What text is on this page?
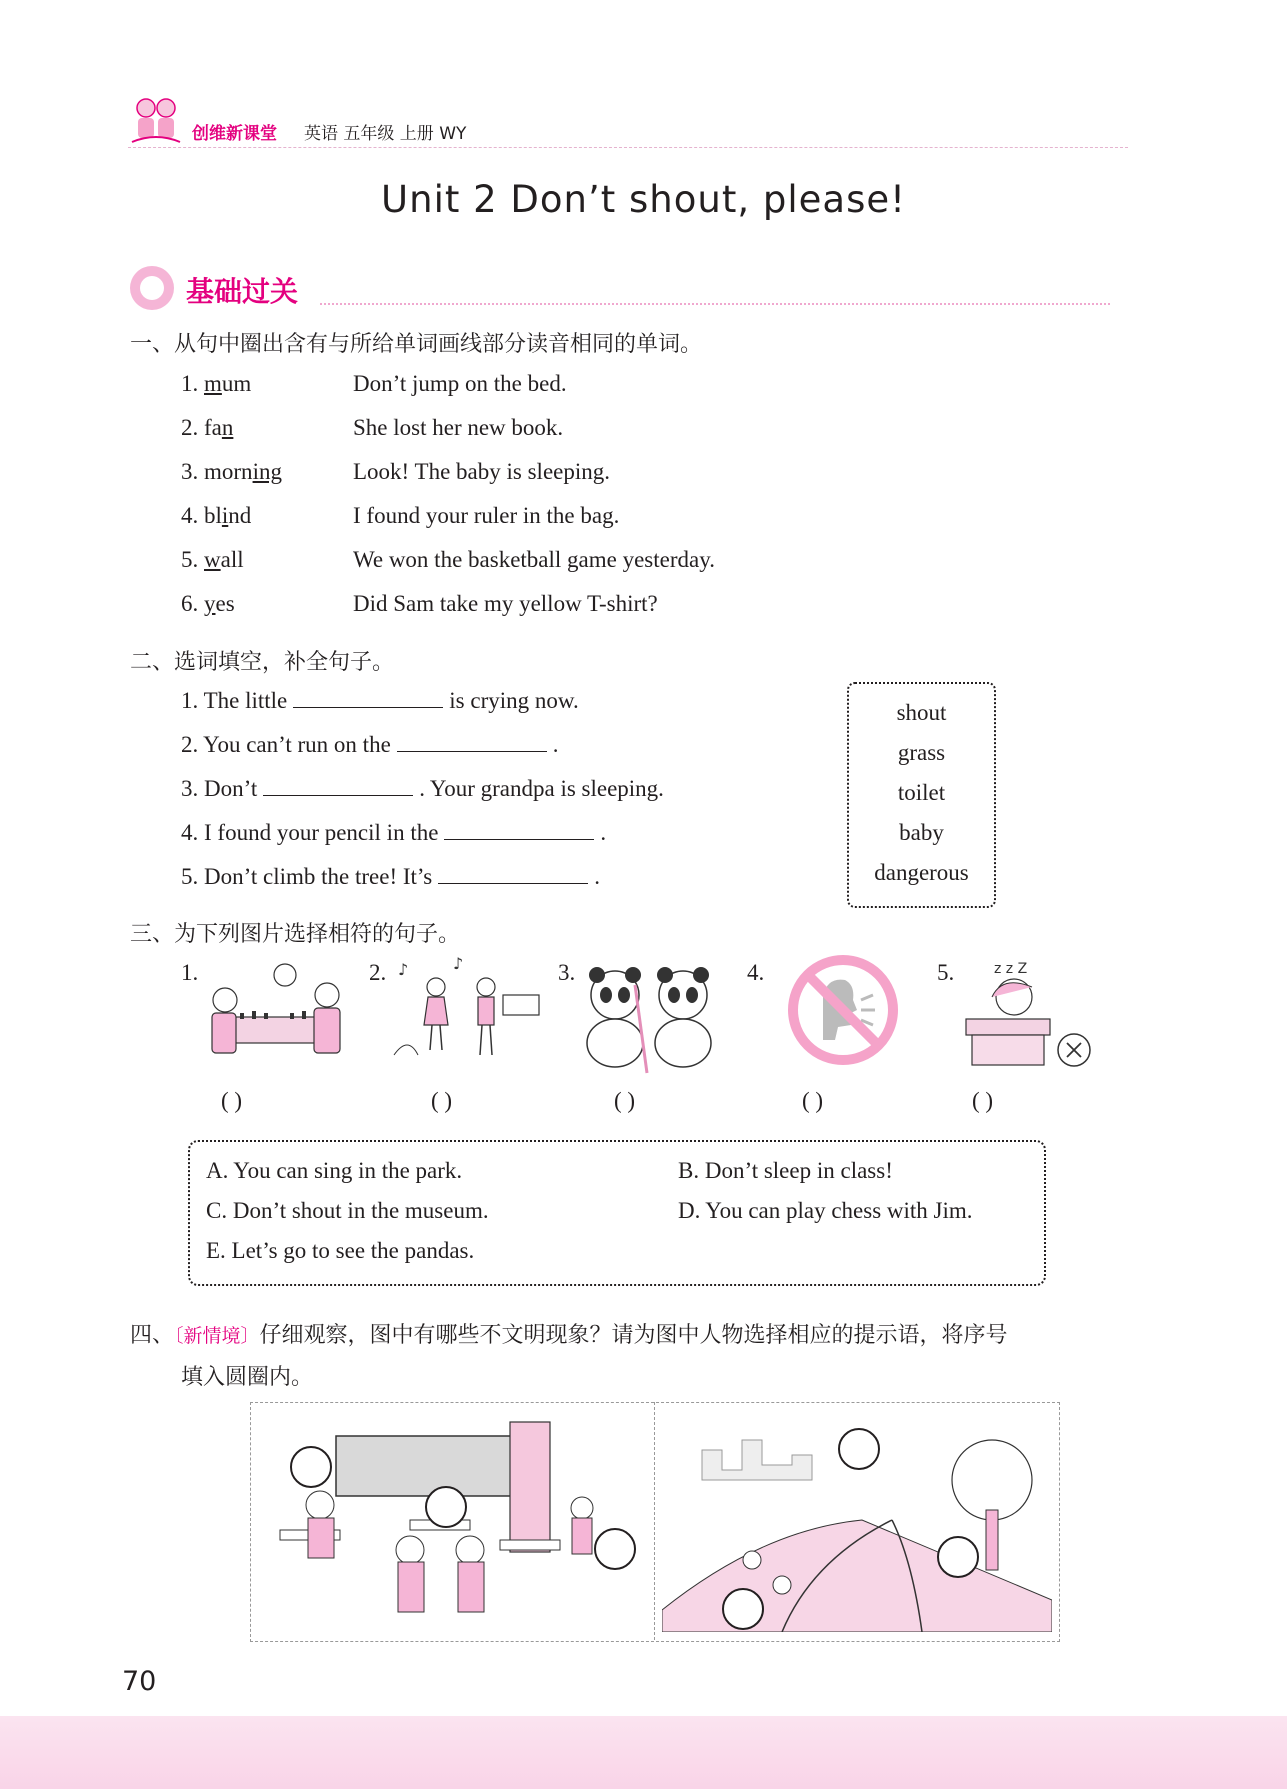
创维新课堂 英语 五年级 上册 WY
Unit 2 Don’t shout, please!
基础过关
一、从句中圈出含有与所给单词画线部分读音相同的单词。
1. mum	Don’t jump on the bed.
2. fan	She lost her new book.
3. morning	Look! The baby is sleeping.
4. blind	I found your ruler in the bag.
5. wall	We won the basketball game yesterday.
6. yes	Did Sam take my yellow T-shirt?
二、选词填空，补全句子。
1. The little	is crying now.
2. You can’t run on the	.
3. Don’t	. Your grandpa is sleeping.
4. I found your pencil in the	.
5. Don’t climb the tree! It’s	.
shout
grass
toilet
baby
dangerous
三、为下列图片选择相符的句子。
1.
( )
2. ♪	♪
( )
3.
( )
4.
( )
5.	z z Z
( )
A. You can sing in the park.	B. Don’t sleep in class!
C. Don’t shout in the museum.	D. You can play chess with Jim.
E. Let’s go to see the pandas.
四、〔新情境〕仔细观察，图中有哪些不文明现象？请为图中人物选择相应的提示语，将序号
填入圆圈内。
70
